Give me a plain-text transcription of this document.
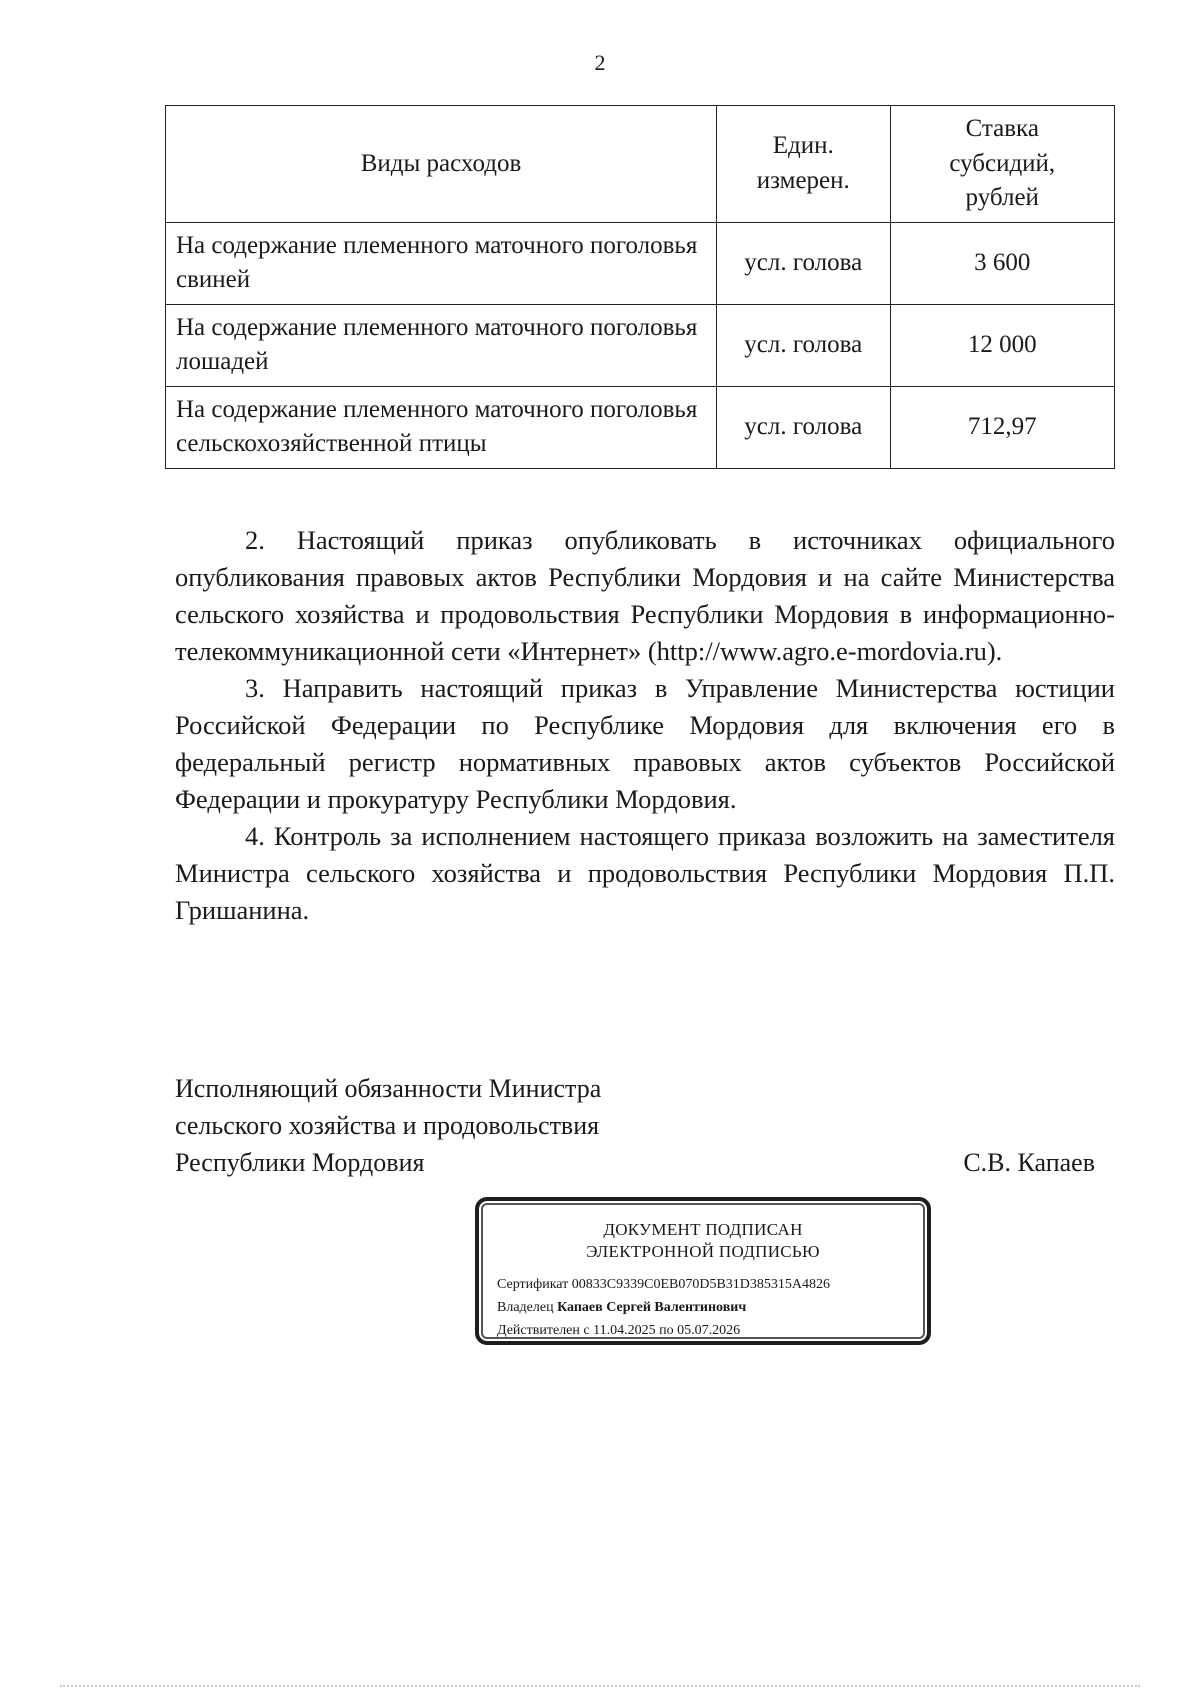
2
Виды расходов	Един. измерен.	Ставка субсидий, рублей
На содержание племенного маточного поголовья свиней	усл. голова	3 600
На содержание племенного маточного поголовья лошадей	усл. голова	12 000
На содержание племенного маточного поголовья сельскохозяйственной птицы	усл. голова	712,97

2. Настоящий приказ опубликовать в источниках официального опубликования правовых актов Республики Мордовия и на сайте Министерства сельского хозяйства и продовольствия Республики Мордовия в информационно-телекоммуникационной сети «Интернет» (http://www.agro.e-mordovia.ru).

3. Направить настоящий приказ в Управление Министерства юстиции Российской Федерации по Республике Мордовия для включения его в федеральный регистр нормативных правовых актов субъектов Российской Федерации и прокуратуру Республики Мордовия.

4. Контроль за исполнением настоящего приказа возложить на заместителя Министра сельского хозяйства и продовольствия Республики Мордовия П.П. Гришанина.

Исполняющий обязанности Министра
сельского хозяйства и продовольствия
Республики Мордовия	С.В. Капаев
ДОКУМЕНТ ПОДПИСАН
ЭЛЕКТРОННОЙ ПОДПИСЬЮ
Сертификат 00833C9339C0EB070D5B31D385315A4826
Владелец Капаев Сергей Валентинович
Действителен с 11.04.2025 по 05.07.2026
